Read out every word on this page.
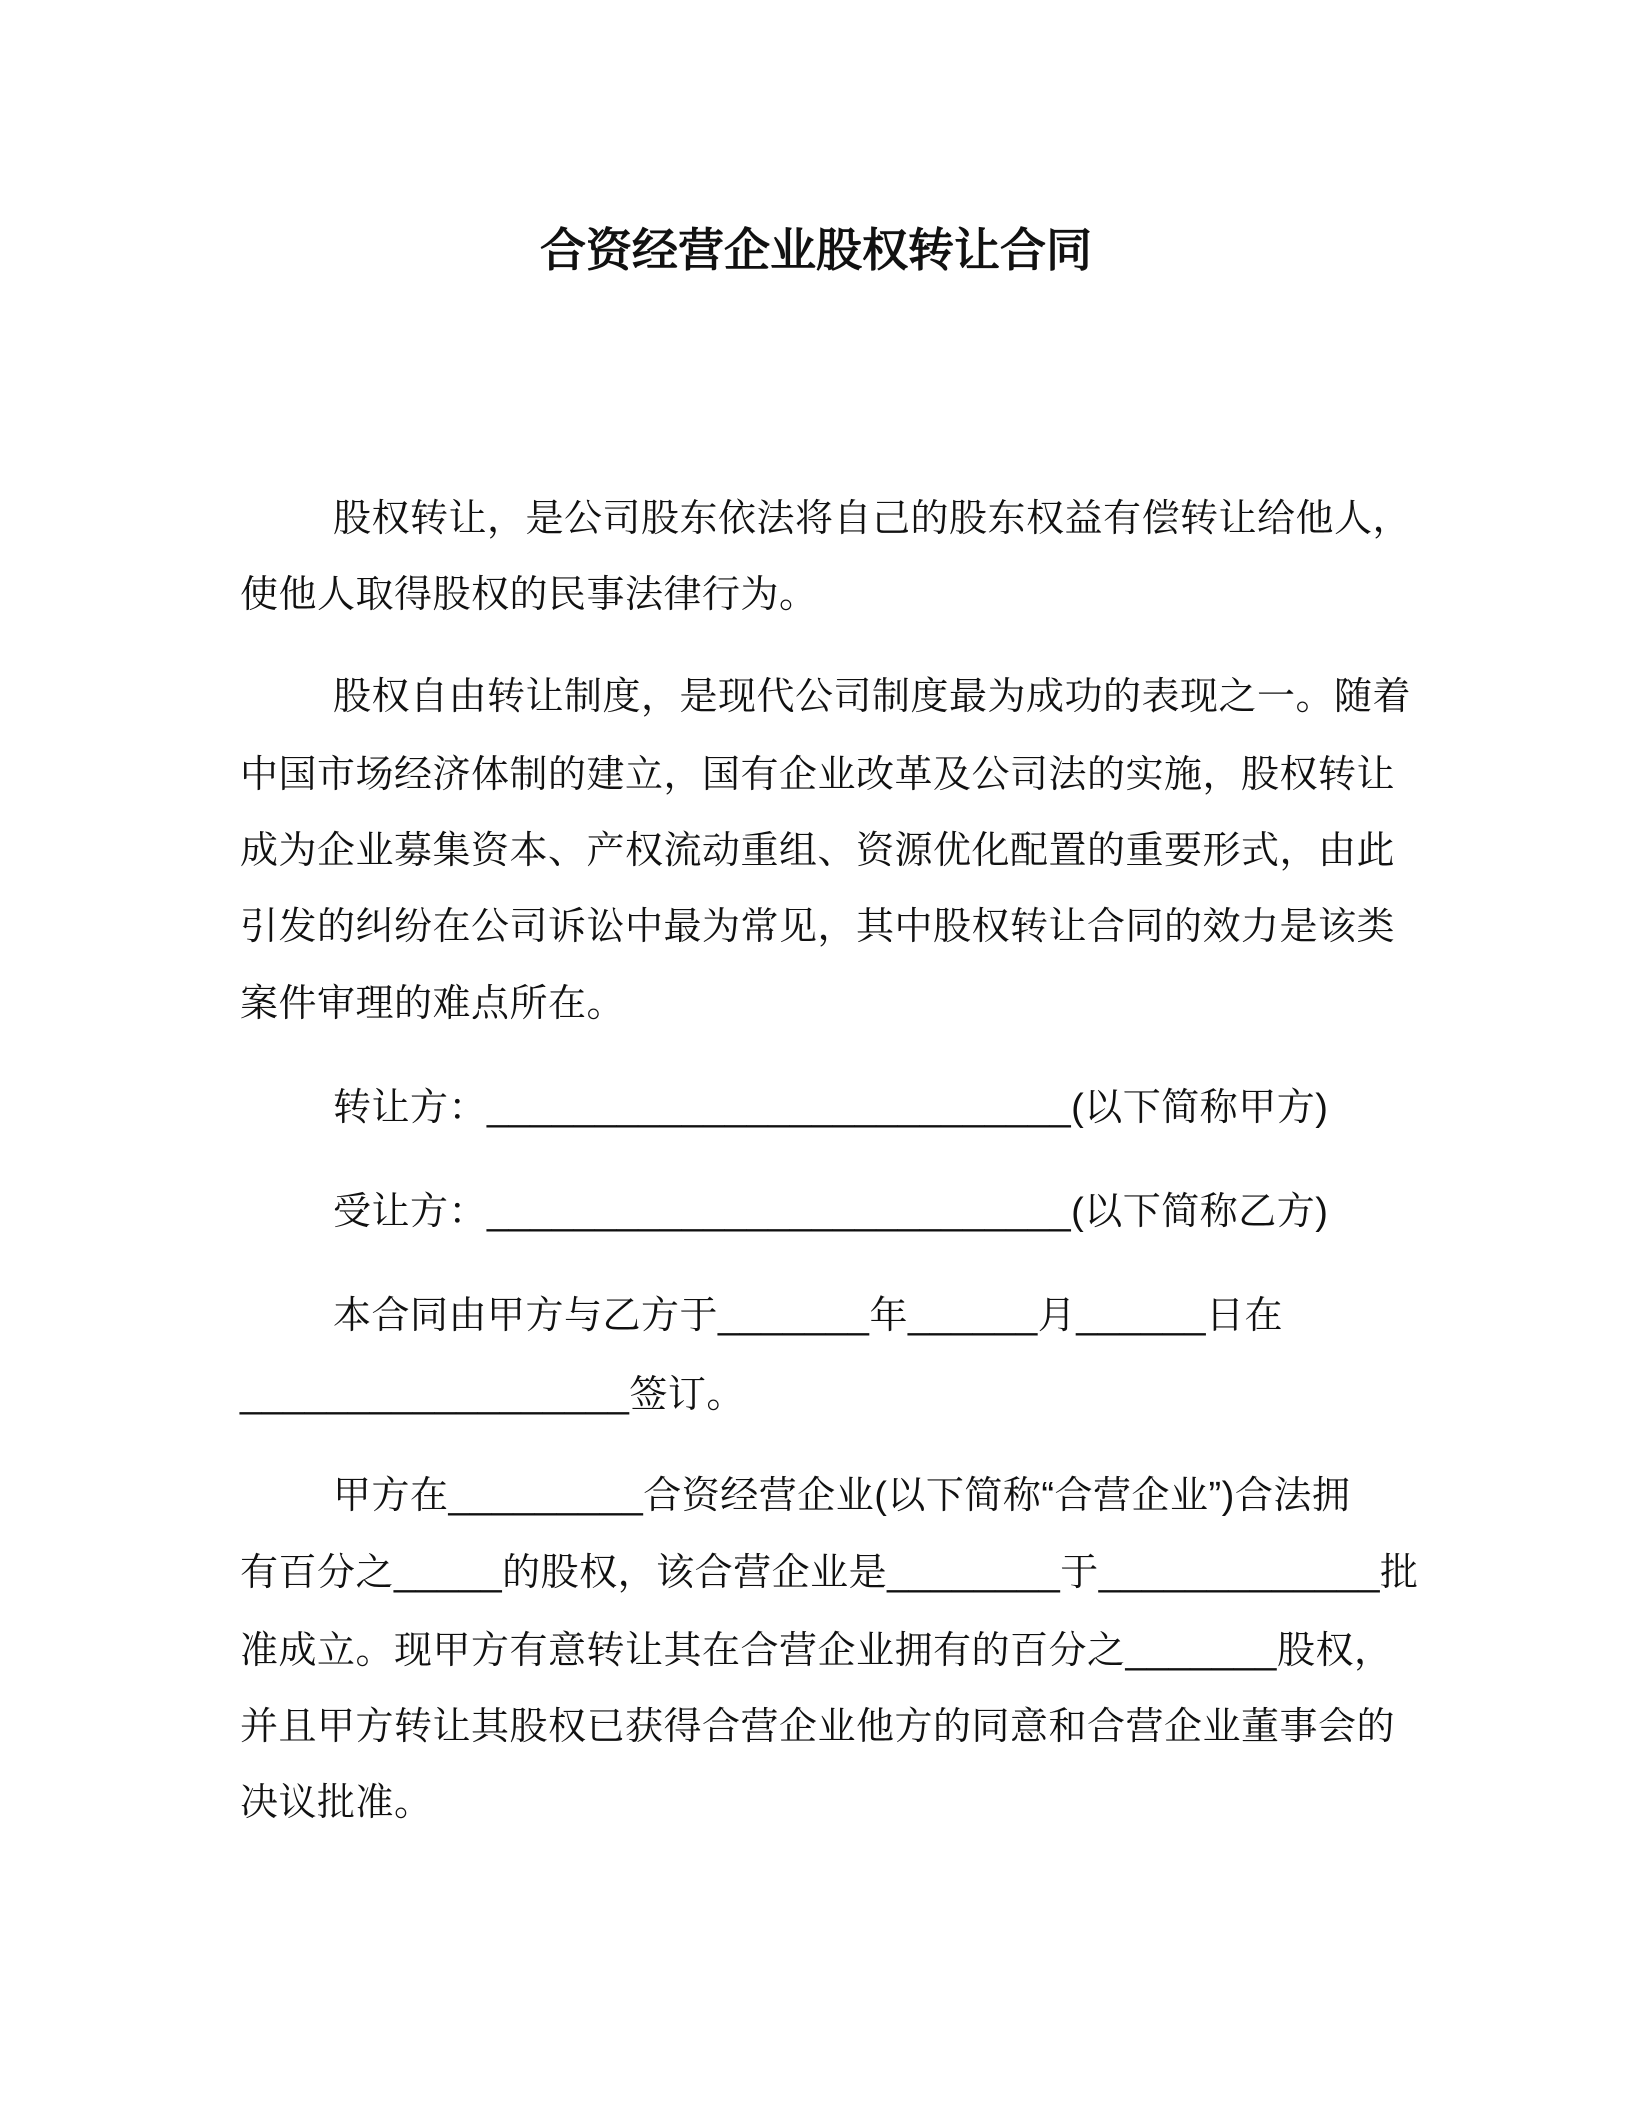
合资经营企业股权转让合同
股权转让，是公司股东依法将自己的股东权益有偿转让给他人，
使他人取得股权的民事法律行为。
股权自由转让制度，是现代公司制度最为成功的表现之一。随着
中国市场经济体制的建立，国有企业改革及公司法的实施，股权转让
成为企业募集资本、产权流动重组、资源优化配置的重要形式，由此
引发的纠纷在公司诉讼中最为常见，其中股权转让合同的效力是该类
案件审理的难点所在。
转让方：___________________________(以下简称甲方)
受让方：___________________________(以下简称乙方)
本合同由甲方与乙方于_______年______月______日在
__________________签订。
甲方在_________合资经营企业(以下简称“合营企业”)合法拥
有百分之_____的股权，该合营企业是________于_____________批
准成立。现甲方有意转让其在合营企业拥有的百分之_______股权，
并且甲方转让其股权已获得合营企业他方的同意和合营企业董事会的
决议批准。
